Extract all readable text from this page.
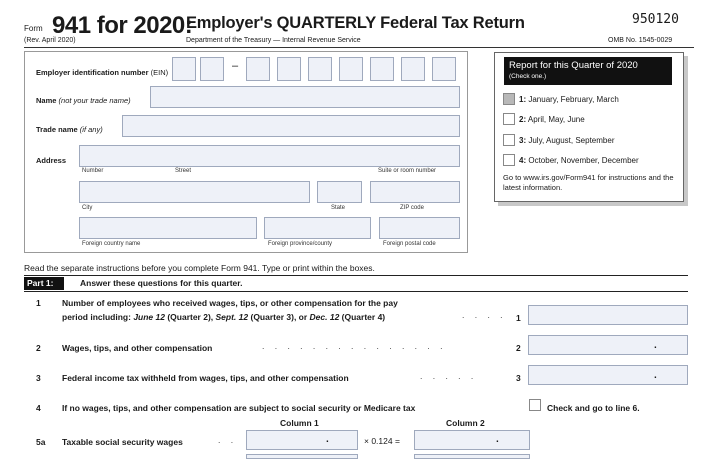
Form 941 for 2020:
(Rev. April 2020)
Employer's QUARTERLY Federal Tax Return
Department of the Treasury — Internal Revenue Service
950120
OMB No. 1545-0029
Employer identification number (EIN)
–
Name (not your trade name)
Trade name (if any)
Address
Number	Street	Suite or room number
City	State	ZIP code
Foreign country name	Foreign province/county	Foreign postal code
Report for this Quarter of 2020
(Check one.)
1: January, February, March
2: April, May, June
3: July, August, September
4: October, November, December
Go to www.irs.gov/Form941 for instructions and the latest information.
Read the separate instructions before you complete Form 941. Type or print within the boxes.
Part 1:	Answer these questions for this quarter.
1	Number of employees who received wages, tips, or other compensation for the pay
period including: June 12 (Quarter 2), Sept. 12 (Quarter 3), or Dec. 12 (Quarter 4)	. . . . 1
2	Wages, tips, and other compensation	. . . . . . . . . . . . . . .	2	.
3	Federal income tax withheld from wages, tips, and other compensation	. . . . .	3	.
4	If no wages, tips, and other compensation are subject to social security or Medicare tax	Check and go to line 6.
Column 1	Column 2
5a Taxable social security wages	. .	.	× 0.124 =	.
